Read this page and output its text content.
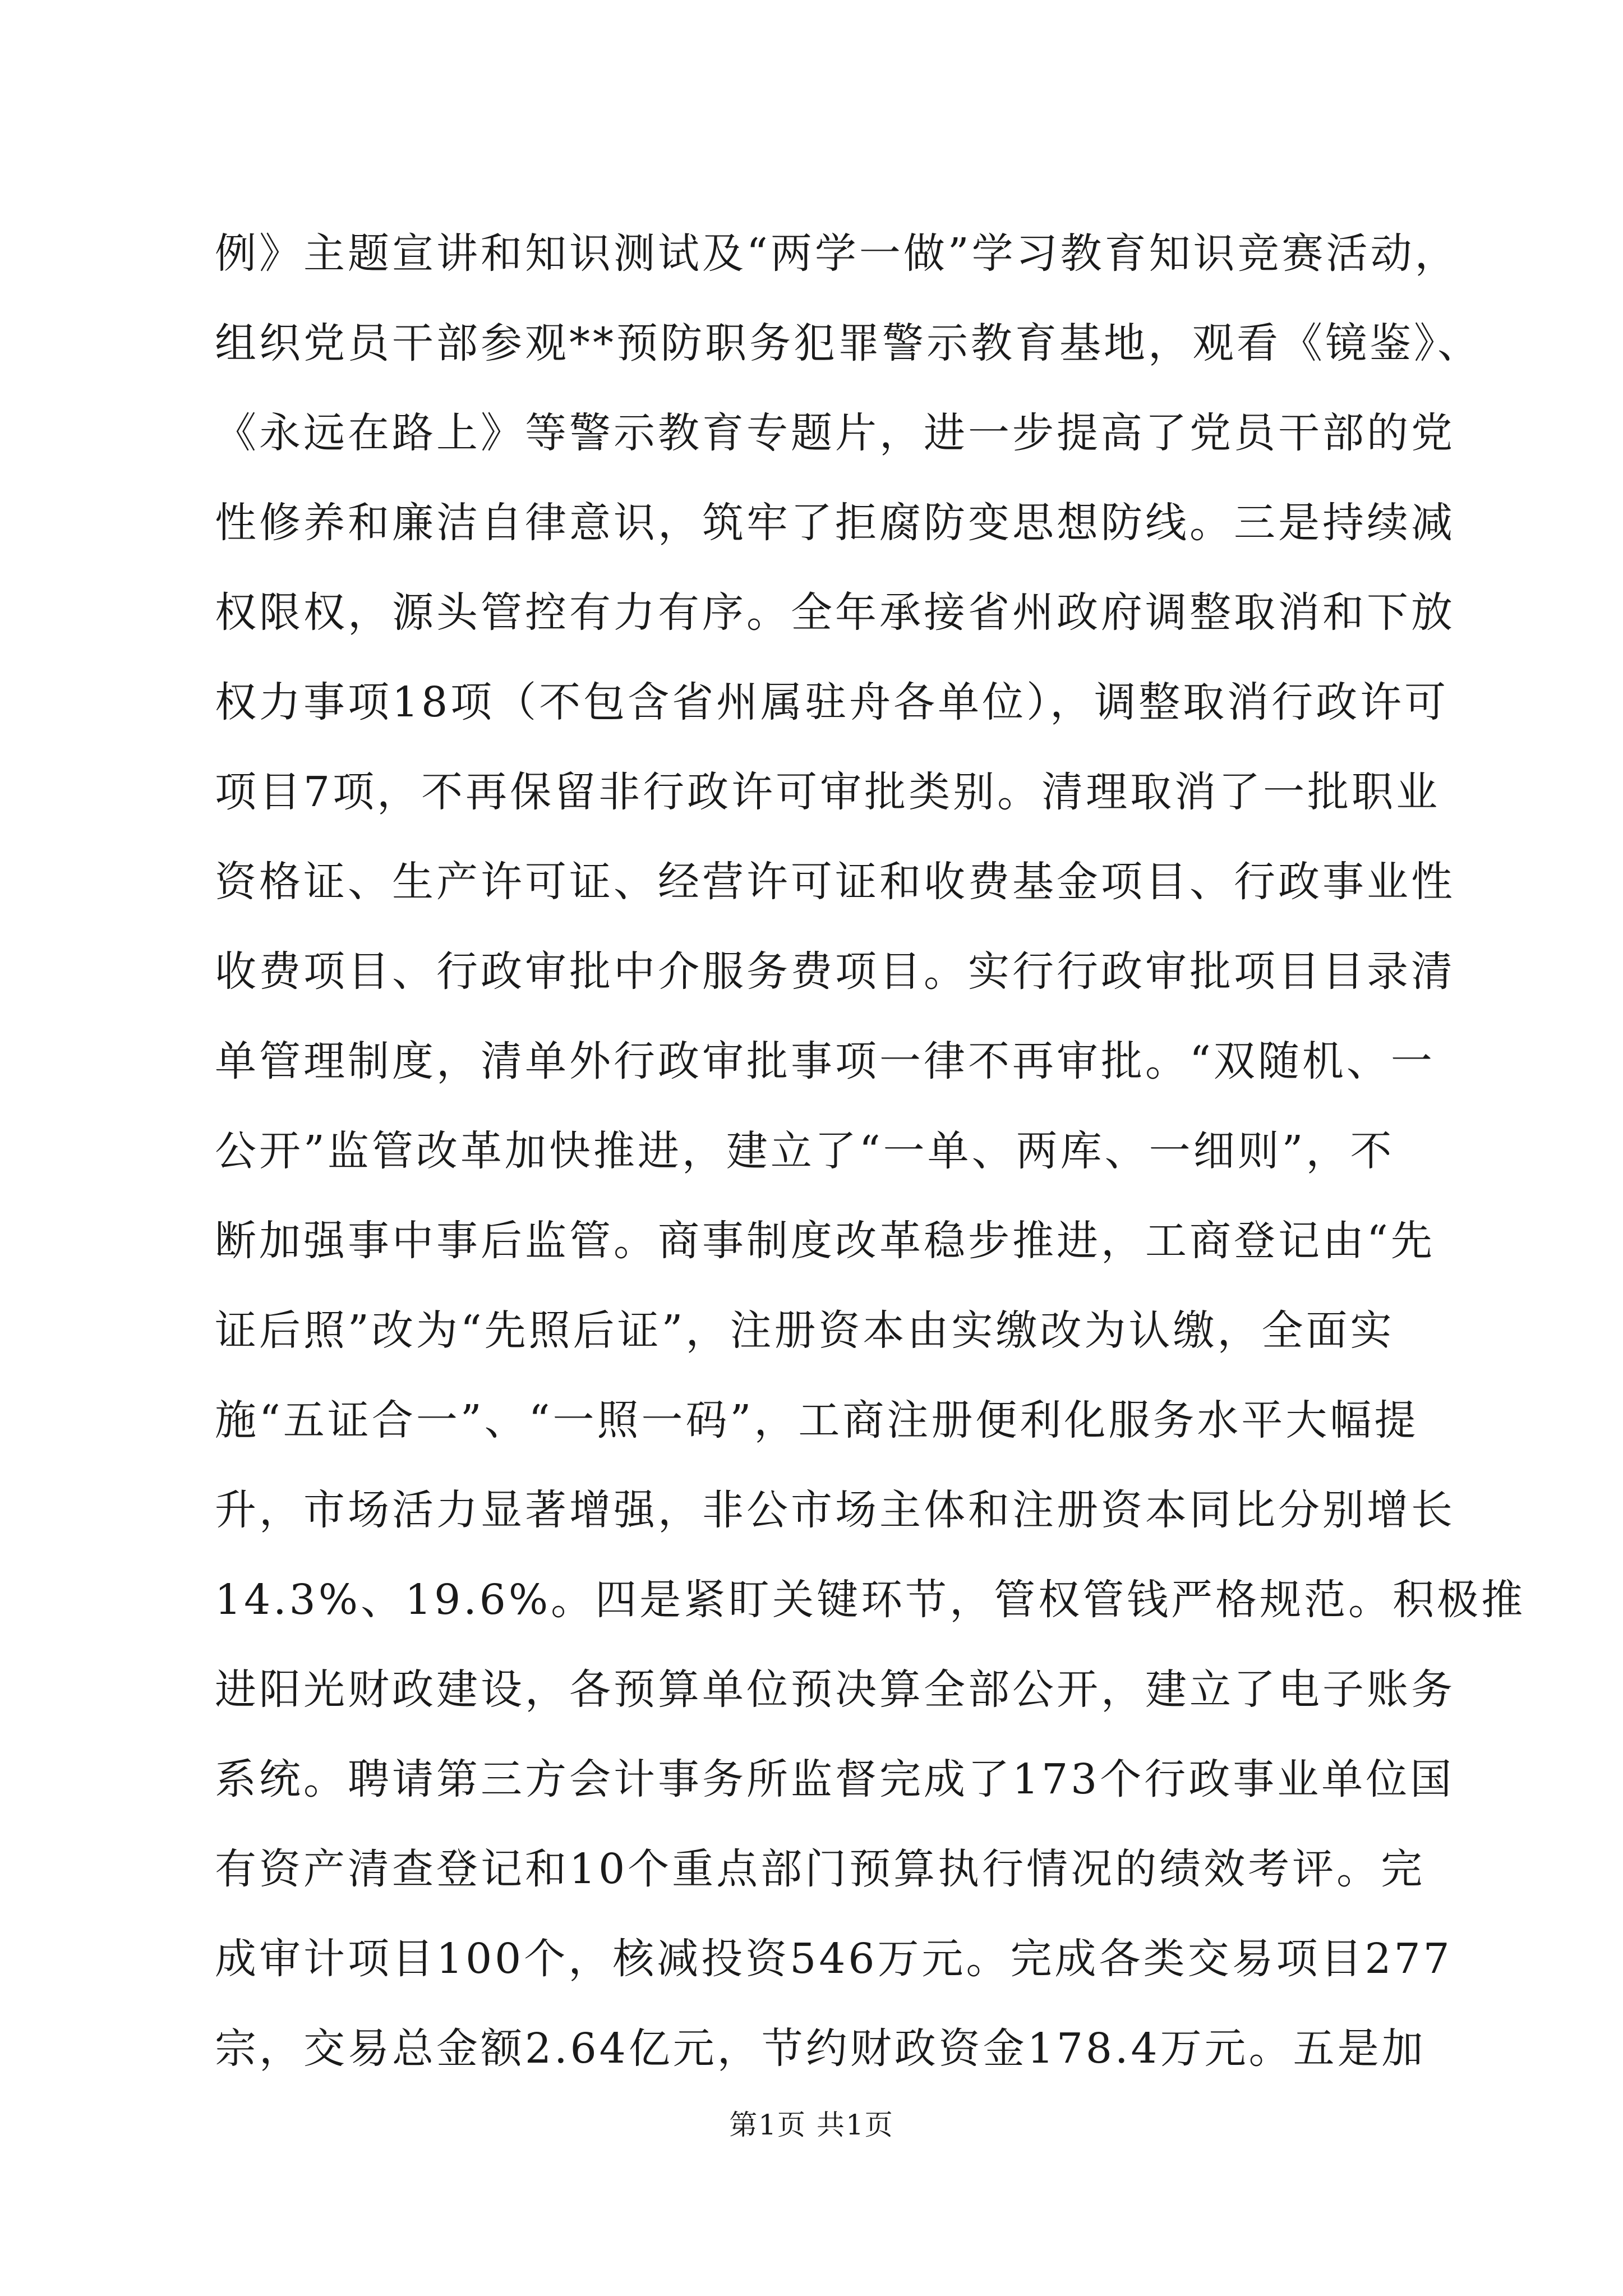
例》主题宣讲和知识测试及“两学一做”学习教育知识竞赛活动，
组织党员干部参观**预防职务犯罪警示教育基地，观看《镜鉴》、
《永远在路上》等警示教育专题片，进一步提高了党员干部的党
性修养和廉洁自律意识，筑牢了拒腐防变思想防线。三是持续减
权限权，源头管控有力有序。全年承接省州政府调整取消和下放
权力事项18项（不包含省州属驻舟各单位），调整取消行政许可
项目7项，不再保留非行政许可审批类别。清理取消了一批职业
资格证、生产许可证、经营许可证和收费基金项目、行政事业性
收费项目、行政审批中介服务费项目。实行行政审批项目目录清
单管理制度，清单外行政审批事项一律不再审批。“双随机、一
公开”监管改革加快推进，建立了“一单、两库、一细则”，不
断加强事中事后监管。商事制度改革稳步推进，工商登记由“先
证后照”改为“先照后证”，注册资本由实缴改为认缴，全面实
施“五证合一”、“一照一码”，工商注册便利化服务水平大幅提
升，市场活力显著增强，非公市场主体和注册资本同比分别增长
14.3%、19.6%。四是紧盯关键环节，管权管钱严格规范。积极推
进阳光财政建设，各预算单位预决算全部公开，建立了电子账务
系统。聘请第三方会计事务所监督完成了173个行政事业单位国
有资产清查登记和10个重点部门预算执行情况的绩效考评。完
成审计项目100个，核减投资546万元。完成各类交易项目277
宗，交易总金额2.64亿元，节约财政资金178.4万元。五是加
第1页 共1页
